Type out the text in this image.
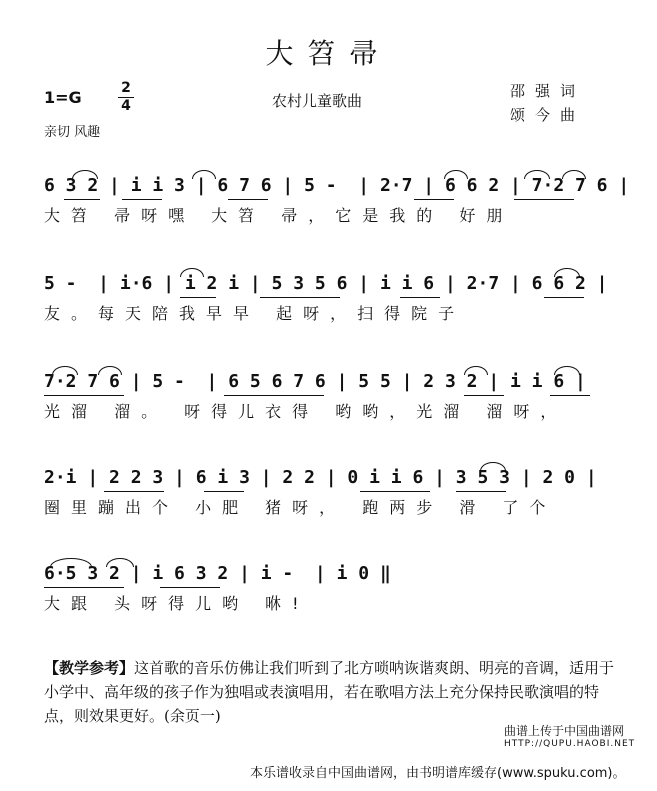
大笤帚
1=G	2
4	农村儿童歌曲
邵强词
颂今曲
亲切 风趣
6 3 2 | i i 3 | 6 7 6 | 5 -  | 2·7 | 6 6 2 | 7·2 7 6 |
大笤 帚呀嘿 大笤 帚，它是我的 好朋
5 -  | i·6 | i 2 i | 5 3 5 6 | i i 6 | 2·7 | 6 6 2 |
友。每天陪我早早 起呀，扫得院子
7·2 7 6 | 5 -  | 6 5 6 7 6 | 5 5 | 2 3 2 | i i 6 |
光溜 溜。 呀得儿衣得 哟哟，光溜 溜呀，
2·i | 2 2 3 | 6 i 3 | 2 2 | 0 i i 6 | 3 5 3 | 2 0 |
圈里蹦出个 小肥 猪呀， 跑两步 滑 了个
6·5 3 2 | i 6 3 2 | i -  | i 0 ‖
大跟 头呀得儿哟 咻!
【教学参考】这首歌的音乐仿佛让我们听到了北方唢呐诙谐爽朗、明亮的音调，适用于小学中、高年级的孩子作为独唱或表演唱用，若在歌唱方法上充分保持民歌演唱的特点，则效果更好。(余页一)
曲谱上传于中国曲谱网
HTTP://QUPU.HAOBI.NET
本乐谱收录自中国曲谱网，由书明谱库缓存(www.spuku.com)。
